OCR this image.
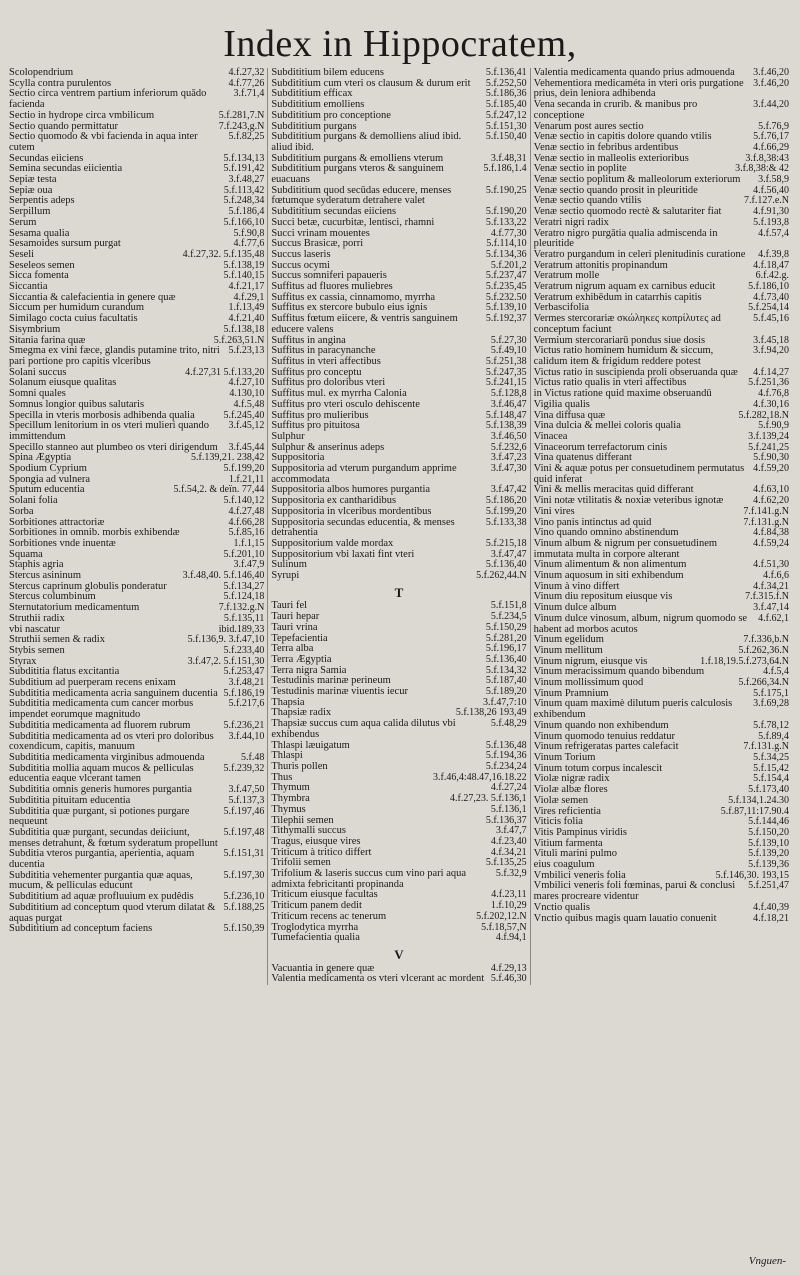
Index in Hippocratem,
Scolopendrium	4.f.27,32
Scylla contra purulentos	4.f.77,26
Sectio circa ventrem partium inferiorum quādo facienda
3.f.71,4
Sectio in hydrope circa vmbilicum	5.f.281,7.N
Sectio quando permittatur	7.f.243,g.N
Sectio quomodo & vbi facienda in aqua inter cutem
5.f.82,25
Secundas eiiciens	5.f.134,13
Semina secundas eiicientia	5.f.191,42
Sepiæ testa	3.f.48,27
Sepiæ oua	5.f.113,42
Serpentis adeps	5.f.248,34
Serpillum	5.f.186,4
Serum	5.f.166,10
Sesama qualia	5.f.90,8
Sesamoides sursum purgat	4.f.77,6
Seseli	4.f.27,32. 5.f.135,48
Seseleos semen	5.f.138,19
Sicca fomenta	5.f.140,15
Siccantia	4.f.21,17
Siccantia & calefacientia in genere quæ	4.f.29,1
Siccum per humidum curandum	1.f.13,49
Similago cocta cuius facultatis	4.f.21,40
Sisymbrium	5.f.138,18
Sitania farina quæ	5.f.263,51.N
Smegma ex vini fæce, glandis putamine trito, nitri pari portione pro capitis vlceribus
5.f.23,13
Solani succus	4.f.27,31 5.f.133,20
Solanum eiusque qualitas	4.f.27,10
Somni quales	4.130,10
Somnus longior quibus salutaris	4.f.5,48
Specilla in vteris morbosis adhibenda qualia	5.f.245,40
Specillum lenitorium in os vteri mulieri quando immittendum
3.f.45,12
Specillo stanneo aut plumbeo os vteri dirigendum	3.f.45,44
Spina Ægyptia	5.f.139,21. 238,42
Spodium Cyprium	5.f.199,20
Spongia ad vulnera	1.f.21,11
Sputum educentia	5.f.54,2. & deïn. 77,44
Solani folia	5.f.140,12
Sorba	4.f.27,48
Sorbitiones attractoriæ	4.f.66,28
Sorbitiones in omnib. morbis exhibendæ	5.f.85,16
Sorbitiones vnde inuentæ	1.f.1,15
Squama	5.f.201,10
Staphis agria	3.f.47,9
Stercus asininum	3.f.48,40. 5.f.146,40
Stercus caprinum globulis ponderatur	5.f.134,27
Stercus columbinum	5.f.124,18
Sternutatorium medicamentum	7.f.132.g.N
Struthii radix	5.f.135,11
vbi nascatur	ibid.189,33
Struthii semen & radix	5.f.136,9. 3.f.47,10
Stybis semen	5.f.233,40
Styrax	3.f.47,2. 5.f.151,30
Subdititia flatus excitantia	5.f.253,47
Subditium ad puerperam recens enixam	3.f.48,21
Subdititia medicamenta acria sanguinem ducentia 5.f.186,19
Subdititia medicamenta cum cancer morbus impendet eorumque magnitudo
5.f.217,6
Subdititia medicamenta ad fluorem rubrum	5.f.236,21
Subdititia medicamenta ad os vteri pro doloribus coxendicum, capitis, manuum
3.f.44,10
Subdititia medicamenta virginibus admouenda	5.f.48
Subdititia mollia aquam mucos & pelliculas educentia eaque vlcerant tamen
5.f.239,32
Subdititia omnis generis humores purgantia	3.f.47,50
Subdititia pituitam educentia	5.f.137,3
Subdititia quæ purgant, si potiones purgare nequeunt
5.f.197,46
Subdititia quæ purgant, secundas deiiciunt, menses detrahunt, & fœtum syderatum propellunt
5.f.197,48
Subditia vteros purgantia, aperientia, aquam ducentia
5.f.151,31
Subdititia vehementer purgantia quæ aquas, mucum, & pelliculas educunt
5.f.197,30
Subdititium ad aquæ profluuium ex pudêdis	5.f.236,10
Subdititium ad conceptum quod vterum dilatat & aquas purgat
5.f.188,25
Subdititium ad conceptum faciens	5.f.150,39
Subdititium bilem educens	5.f.136,41
Subdititium cum vteri os clausum & durum erit	5.f.252,50
Subdititium efficax	5.f.186,36
Subdititium emolliens	5.f.185,40
Subdititium pro conceptione	5.f.247,12
Subdititium purgans	5.f.151,30
Subdititium purgans & demolliens aliud ibid. aliud ibid.
5.f.150,40
Subdititium purgans & emolliens vterum	3.f.48,31
Subdititium purgans vteros & sanguinem euacuans
5.f.186,1.4
Subdititium quod secūdas educere, menses fœtumque syderatum detrahere valet
5.f.190,25
Subdititium secundas eiiciens	5.f.190,20
Succi betæ, cucurbitæ, lentisci, rhamni	5.f.133,22
Succi vrinam mouentes	4.f.77,30
Succus Brasicæ, porri	5.f.114,10
Succus laseris	5.f.134,36
Succus ocymi	5.f.201,2
Succus somniferi papaueris	5.f.237,47
Suffitus ad fluores muliebres	5.f.235,45
Suffitus ex cassia, cinnamomo, myrrha	5.f.232.50
Suffitus ex stercore bubulo eius ignis	5.f.139,10
Suffitus fœtum eiicere, & ventris sanguinem educere valens
5.f.192,37
Suffitus in angina	5.f.27,30
Suffitus in paracynanche	5.f.49,10
Suffitus in vteri affectibus	5.f.251,38
Suffitus pro conceptu	5.f.247,35
Suffitus pro doloribus vteri	5.f.241,15
Suffitus mul. ex myrrha Calonia	5.f.128,8
Suffitus pro vteri osculo dehiscente	3.f.46,47
Suffitus pro mulieribus	5.f.148,47
Suffitus pro pituitosa	5.f.138,39
Sulphur	3.f.46,50
Sulphur & anserinus adeps	5.f.232,6
Suppositoria	3.f.47,23
Suppositoria ad vterum purgandum apprime accommodata
3.f.47,30
Suppositoria albos humores purgantia	3.f.47,42
Suppositoria ex cantharidibus	5.f.186,20
Suppositoria in vlceribus mordentibus	5.f.199,20
Suppositoria secundas educentia, & menses detrahentia
5.f.133,38
Suppositorium valde mordax	5.f.215,18
Suppositorium vbi laxati fint vteri	3.f.47,47
Sulinum	5.f.136,40
Syrupi	5.f.262,44.N
T
Tauri fel	5.f.151,8
Tauri hepar	5.f.234,5
Tauri vrina	5.f.150,29
Tepefacientia	5.f.281,20
Terra alba	5.f.196,17
Terra Ægyptia	5.f.136,40
Terra nigra Samia	5.f.134,32
Testudinis marinæ perineum	5.f.187,40
Testudinis marinæ viuentis iecur	5.f.189,20
Thapsia	3.f.47,7:10
Thapsiæ radix	5.f.138,26 193,49
Thapsiæ succus cum aqua calida dilutus vbi exhibendus
5.f.48,29
Thlaspi læuigatum	5.f.136,48
Thlaspi	5.f.194,36
Thuris pollen	5.f.234,24
Thus	3.f.46,4:48.47,16.18.22
Thymum	4.f.27,24
Thymbra	4.f.27,23. 5.f.136,1
Thymus	5.f.136,1
Tilephii semen	5.f.136,37
Tithymalli succus	3.f.47,7
Tragus, eiusque vires	4.f.23,40
Triticum à tritico differt	4.f.34,21
Trifolii semen	5.f.135,25
Trifolium & laseris succus cum vino pari aqua admixta febricitanti propinanda
5.f.32,9
Triticum eiusque facultas	4.f.23,11
Triticum panem dedit	1.f.10,29
Triticum recens ac tenerum	5.f.202,12.N
Troglodytica myrrha	5.f.18,57,N
Tumefacientia qualia	4.f.94,1
V
Vacuantia in genere quæ	4.f.29,13
Valentia medicamenta os vteri vlcerant ac mordent 5.f.46,30
Valentia medicamenta quando prius admouenda	3.f.46,20
Vehementiora medicaméta in vteri oris purgatione prius, dein leniora adhibenda
3.f.46,20
Vena secanda in crurib. & manibus pro conceptione
3.f.44,20
Venarum post aures sectio	5.f.76,9
Venæ sectio in capitis dolore quando vtilis	5.f.76,17
Venæ sectio in febribus ardentibus	4.f.66,29
Venæ sectio in malleolis exterioribus	3.f.8,38:43
Venæ sectio in poplite	3.f.8,38:& 42
Venæ sectio poplitum & malleolorum exteriorum	3.f.58,9
Venæ sectio quando prosit in pleuritide	4.f.56,40
Venæ sectio quando vtilis	7.f.127.e.N
Venæ sectio quomodo rectè & salutariter fiat	4.f.91,30
Veratri nigri radix	5.f.193,8
Veratro nigro purgātia qualia admiscenda in pleuritide
4.f.57,4
Veratro purgandum in celeri plenitudinis curatione	4.f.39,8
Veratrum attonitis propinandum	4.f.18,47
Veratrum molle	6.f.42.g.
Veratrum nigrum aquam ex carnibus educit	5.f.186,10
Veratrum exhibēdum in catarrhis capitis	4.f.73,40
Verbascifolia	5.f.254,14
Vermes stercorariæ σκώληκες κοπρίλυτες ad conceptum faciunt
5.f.45,16
Vermium stercorariarū pondus siue dosis	3.f.45,18
Victus ratio hominem humidum & siccum, calidum item & frigidum reddere potest
3.f.94,20
Victus ratio in suscipienda proli obseruanda quæ	4.f.14,27
Victus ratio qualis in vteri affectibus	5.f.251,36
in Victus ratione quid maxime obseruandū	4.f.76,8
Vigilia qualis	4.f.30,16
Vina diffusa quæ	5.f.282,18.N
Vina dulcia & mellei coloris qualia	5.f.90,9
Vinacea	3.f.139,24
Vinaceorum terrefactorum cinis	5.f.241,25
Vina quatenus differant	5.f.90,30
Vini & aquæ potus per consuetudinem permutatus quid inferat
4.f.59,20
Vini & mellis meracitas quid differant	4.f.63,10
Vini notæ vtilitatis & noxiæ veteribus ignotæ	4.f.62,20
Vini vires	7.f.141.g.N
Vino panis intinctus ad quid	7.f.131.g.N
Vino quando omnino abstinendum	4.f.84,38
Vinum album & nigrum per consuetudinem immutata multa in corpore alterant
4.f.59,24
Vinum alimentum & non alimentum	4.f.51,30
Vinum aquosum in siti exhibendum	4.f.6,6
Vinum à vino differt	4.f.34,21
Vinum diu repositum eiusque vis	7.f.315.f.N
Vinum dulce album	3.f.47,14
Vinum dulce vinosum, album, nigrum quomodo se habent ad morbos acutos
4.f.62,1
Vinum egelidum	7.f.336,b.N
Vinum mellitum	5.f.262,36.N
Vinum nigrum, eiusque vis	1.f.18,19.5.f.273,64.N
Vinum meracissimum quando bibendum	4.f.5,4
Vinum mollissimum quod	5.f.266,34.N
Vinum Pramnium	5.f.175,1
Vinum quam maximè dilutum pueris calculosis exhibendum
3.f.69,28
Vinum quando non exhibendum	5.f.78,12
Vinum quomodo tenuius reddatur	5.f.89,4
Vinum refrigeratas partes calefacit	7.f.131.g.N
Vinum Torium	5.f.34,25
Vinum totum corpus incalescit	5.f.15,42
Violæ nigræ radix	5.f.154,4
Violæ albæ flores	5.f.173,40
Violæ semen	5.f.134,1.24.30
Vires reficientia	5.f.87,11:17.90.4
Viticis folia	5.f.144,46
Vitis Pampinus viridis	5.f.150,20
Vitium farmenta	5.f.139,10
Vituli marini pulmo	5.f.139,20
eius coagulum	5.f.139,36
Vmbilici veneris folia	5.f.146,30. 193,15
Vmbilici veneris foli fœminas, parui & conclusi mares procreare videntur
5.f.251,47
Vnctio qualis	4.f.40,39
Vnctio quibus magis quam lauatio conuenit	4.f.18,21
Vnguen-
